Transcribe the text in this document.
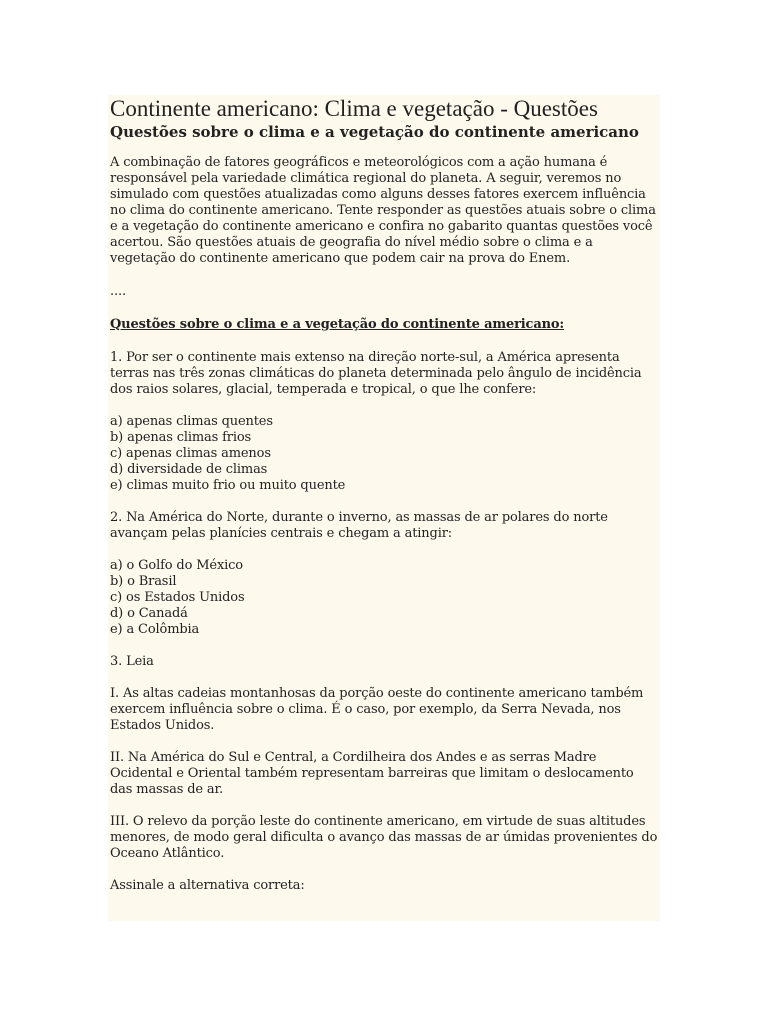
Continente americano: Clima e vegetação - Questões
Questões sobre o clima e a vegetação do continente americano

A combinação de fatores geográficos e meteorológicos com a ação humana é responsável pela variedade climática regional do planeta. A seguir, veremos no simulado com questões atualizadas como alguns desses fatores exercem influência no clima do continente americano. Tente responder as questões atuais sobre o clima e a vegetação do continente americano e confira no gabarito quantas questões você acertou. São questões atuais de geografia do nível médio sobre o clima e a vegetação do continente americano que podem cair na prova do Enem.

....

Questões sobre o clima e a vegetação do continente americano:

1. Por ser o continente mais extenso na direção norte-sul, a América apresenta terras nas três zonas climáticas do planeta determinada pelo ângulo de incidência dos raios solares, glacial, temperada e tropical, o que lhe confere:

a) apenas climas quentes
b) apenas climas frios
c) apenas climas amenos
d) diversidade de climas
e) climas muito frio ou muito quente

2. Na América do Norte, durante o inverno, as massas de ar polares do norte avançam pelas planícies centrais e chegam a atingir:

a) o Golfo do México
b) o Brasil
c) os Estados Unidos
d) o Canadá
e) a Colômbia

3. Leia

I. As altas cadeias montanhosas da porção oeste do continente americano também exercem influência sobre o clima. É o caso, por exemplo, da Serra Nevada, nos Estados Unidos.

II. Na América do Sul e Central, a Cordilheira dos Andes e as serras Madre Ocidental e Oriental também representam barreiras que limitam o deslocamento das massas de ar.

III. O relevo da porção leste do continente americano, em virtude de suas altitudes menores, de modo geral dificulta o avanço das massas de ar úmidas provenientes do Oceano Atlântico.

Assinale a alternativa correta:
